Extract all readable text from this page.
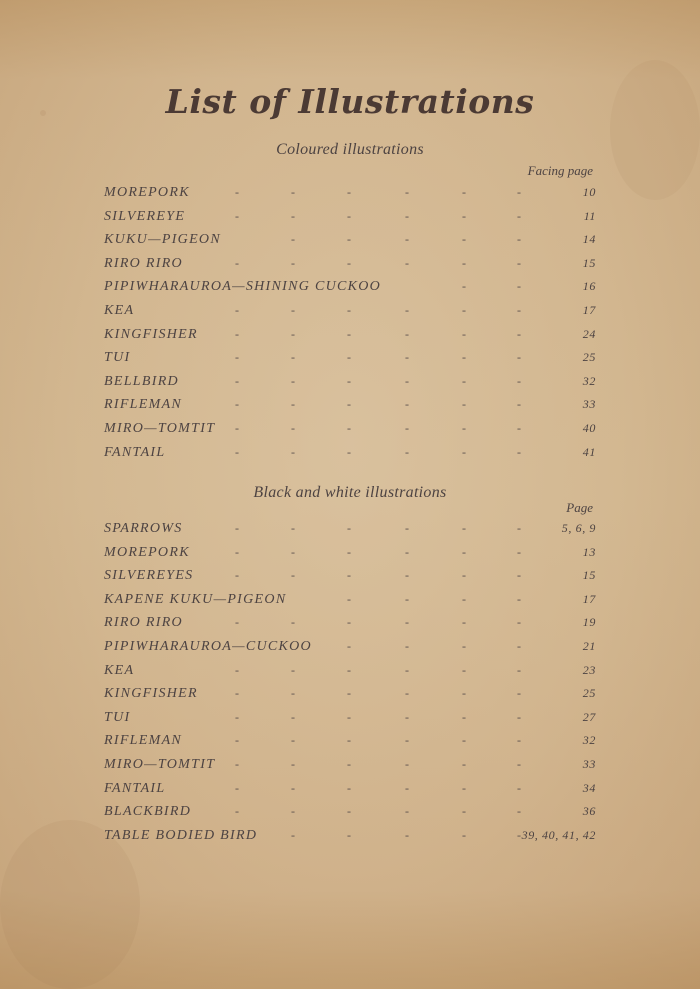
List of Illustrations
Coloured illustrations
Facing page
MOREPORK	-	-	-	-	-	-	10
SILVEREYE	-	-	-	-	-	-	11
KUKU—PIGEON	-	-	-	-	-	14
RIRO RIRO	-	-	-	-	-	-	15
PIPIWHARAUROA—SHINING CUCKOO	-	-	16
KEA	-	-	-	-	-	-	17
KINGFISHER	-	-	-	-	-	-	24
TUI	-	-	-	-	-	-	25
BELLBIRD	-	-	-	-	-	-	32
RIFLEMAN	-	-	-	-	-	-	33
MIRO—TOMTIT -	-	-	-	-	-	40
FANTAIL	-	-	-	-	-	-	41
Black and white illustrations
Page
SPARROWS	-	-	-	-	-	-	5, 6, 9
MOREPORK	-	-	-	-	-	-	13
SILVEREYES	-	-	-	-	-	-	15
KAPENE KUKU—PIGEON	-	-	-	-	17
RIRO RIRO	-	-	-	-	-	-	19
PIPIWHARAUROA—CUCKOO	-	-	-	-	21
KEA	-	-	-	-	-	-	23
KINGFISHER	-	-	-	-	-	-	25
TUI	-	-	-	-	-	-	27
RIFLEMAN	-	-	-	-	-	-	32
MIRO—TOMTIT -	-	-	-	-	-	33
FANTAIL	-	-	-	-	-	-	34
BLACKBIRD	-	-	-	-	-	-	36
TABLE BODIED BIRD	-	-	-	-	- 39, 40, 41, 42
